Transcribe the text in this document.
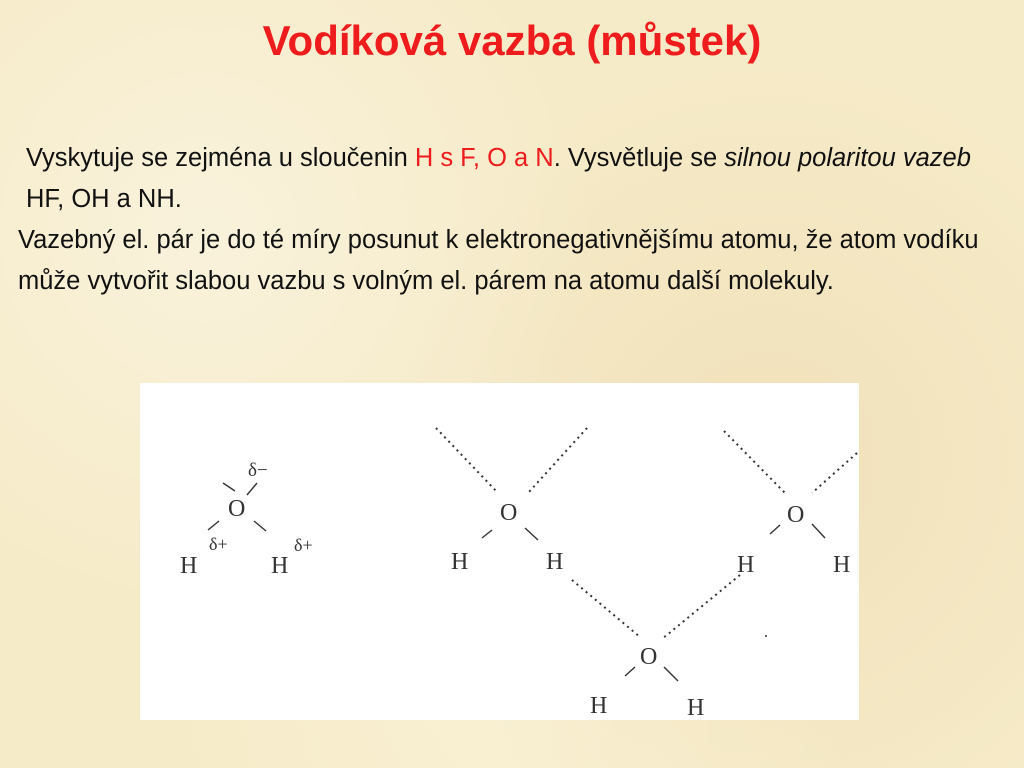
Vodíková vazba (můstek)

Vyskytuje se zejména u sloučenin H s F, O a N. Vysvětluje se silnou polaritou vazeb HF, OH a NH.

Vazebný el. pár je do té míry posunut k elektronegativnějšímu atomu, že atom vodíku může vytvořit slabou vazbu s volným el. párem na atomu další molekuly.

δ−
O
δ+	δ+
H	H
O
H	H
O
H	H
O
H	H
